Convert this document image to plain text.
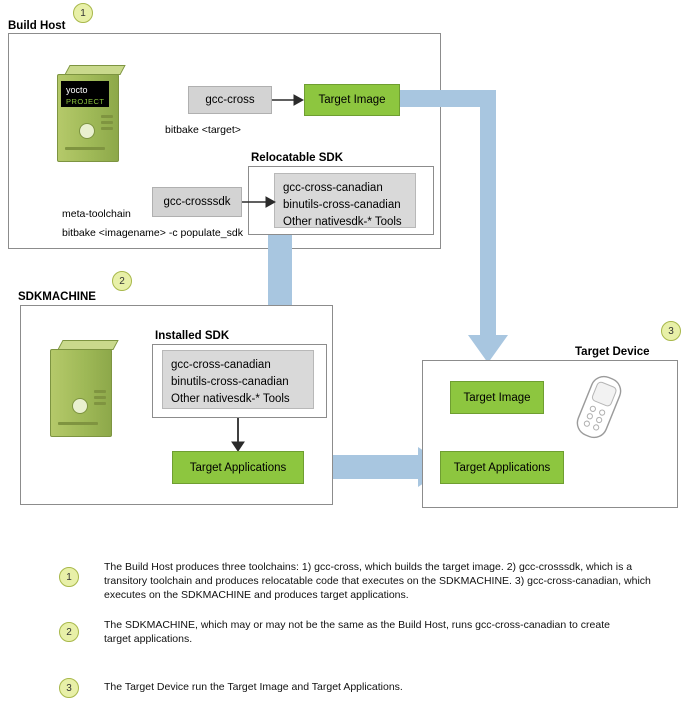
Build Host
1
yocto
PROJECT	gcc-cross	Target Image
bitbake <target>
Relocatable SDK
gcc-cross-canadian
binutils-cross-canadian
Other nativesdk-* Tools
gcc-crosssdk
meta-toolchain
bitbake <imagename> -c populate_sdk
SDKMACHINE
2
Installed SDK
gcc-cross-canadian
binutils-cross-canadian
Other nativesdk-* Tools
Target Applications
Target Device
3
Target Image
Target Applications
1
The Build Host produces three toolchains: 1) gcc-cross, which builds the target image. 2) gcc-crosssdk, which is a transitory toolchain and produces relocatable code that executes on the SDKMACHINE. 3) gcc-cross-canadian, which executes on the SDKMACHINE and produces target applications.
2
The SDKMACHINE, which may or may not be the same as the Build Host, runs gcc-cross-canadian to create target applications.
3	The Target Device run the Target Image and Target Applications.
